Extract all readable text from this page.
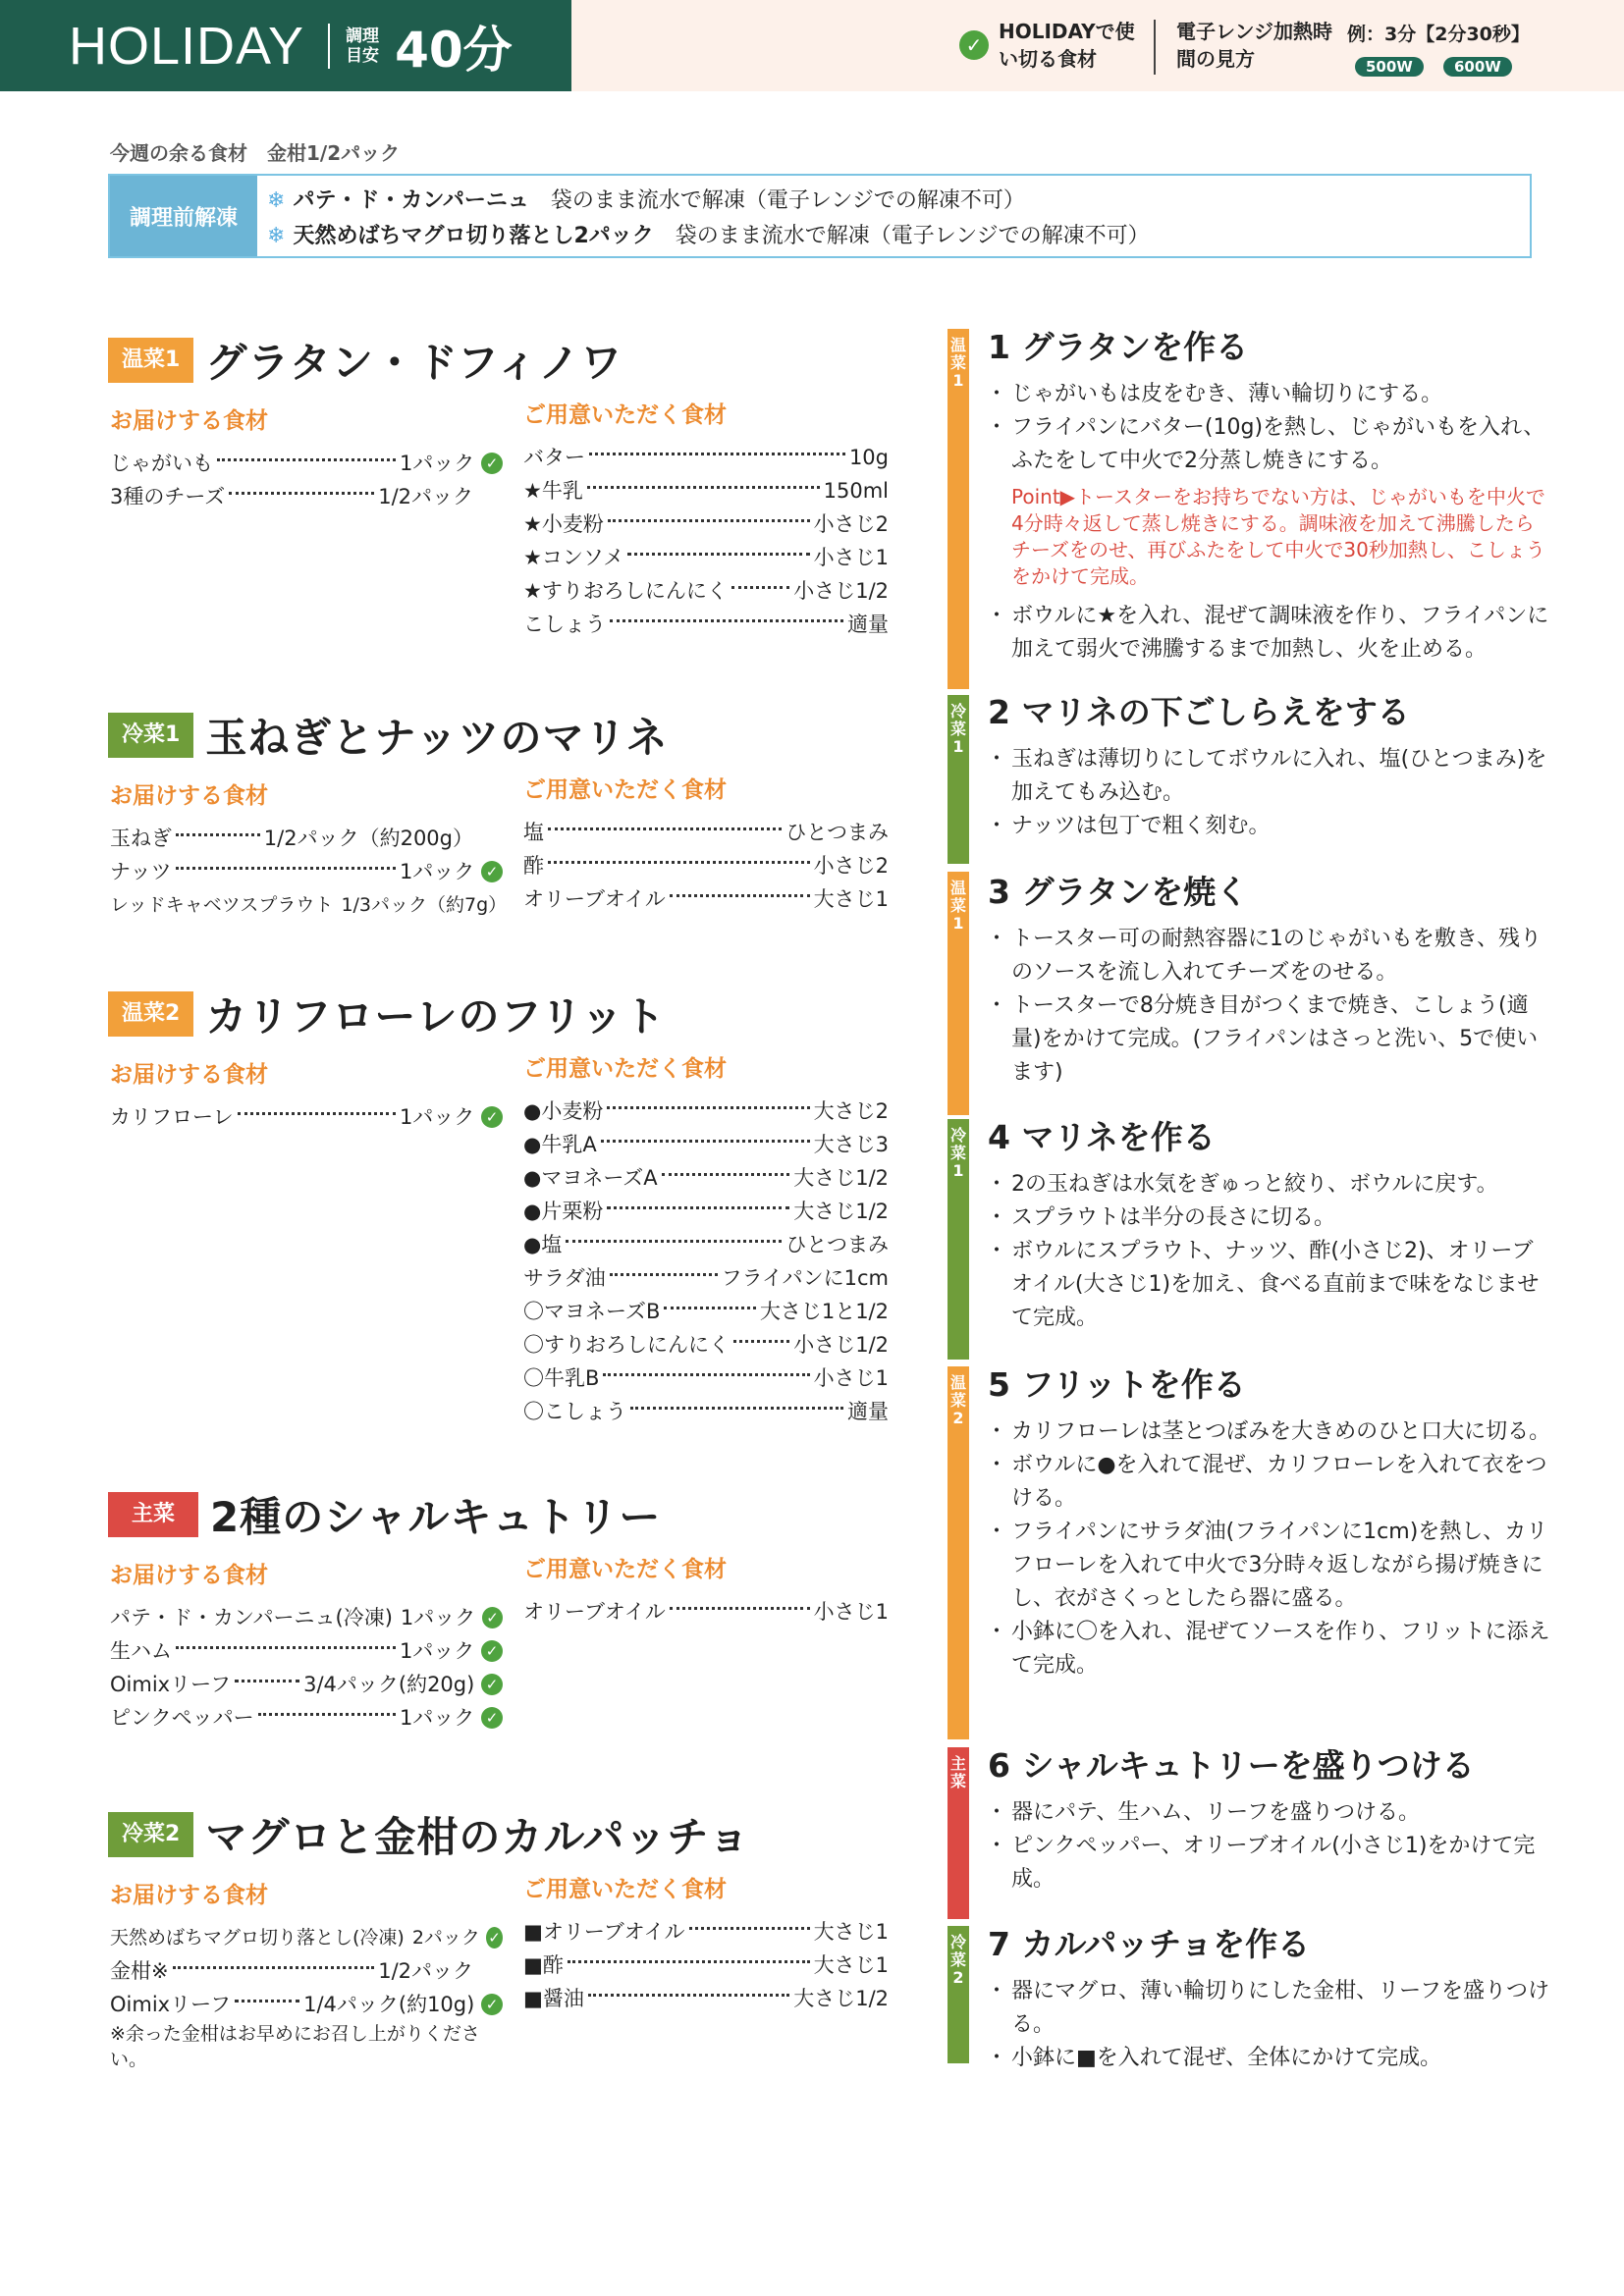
HOLIDAY 調理目安 40分	✓
HOLIDAYで使い切る食材
電子レンジ加熱時間の見方
例：3分【2分30秒】
500W	600W
今週の余る食材　金柑1/2パック
調理前解凍
❄ パテ・ド・カンパーニュ　 袋のまま流水で解凍（電子レンジでの解凍不可）
❄ 天然めばちマグロ切り落とし2パック　 袋のまま流水で解凍（電子レンジでの解凍不可）
温菜1 グラタン・ドフィノワ
お届けする食材
じゃがいも	1パック
✓
3種のチーズ	1/2パック
ご用意いただく食材
バター	10g
★牛乳	150ml
★小麦粉	小さじ2
★コンソメ	小さじ1
★すりおろしにんにく	小さじ1/2
こしょう	適量
冷菜1 玉ねぎとナッツのマリネ
お届けする食材
玉ねぎ	1/2パック（約200g）
ナッツ	1パック
✓
レッドキャベツスプラウト 1/3パック（約7g）
ご用意いただく食材
塩	ひとつまみ
酢	小さじ2
オリーブオイル	大さじ1
温菜2 カリフローレのフリット
お届けする食材
カリフローレ	1パック
✓
ご用意いただく食材
●小麦粉	大さじ2
●牛乳A	大さじ3
●マヨネーズA	大さじ1/2
●片栗粉	大さじ1/2
●塩	ひとつまみ
サラダ油	フライパンに1cm
〇マヨネーズB	大さじ1と1/2
〇すりおろしにんにく	小さじ1/2
〇牛乳B	小さじ1
〇こしょう	適量
主菜 2種のシャルキュトリー
お届けする食材
パテ・ド・カンパーニュ(冷凍) 1パック
✓
生ハム	1パック
✓
Oimixリーフ	3/4パック(約20g)
✓
ピンクペッパー	1パック
✓
ご用意いただく食材
オリーブオイル	小さじ1
冷菜2 マグロと金柑のカルパッチョ
お届けする食材
天然めばちマグロ切り落とし(冷凍) 2パック
✓
金柑※	1/2パック
Oimixリーフ	1/4パック(約10g)
✓
※余った金柑はお早めにお召し上がりください。
ご用意いただく食材
■オリーブオイル	大さじ1
■酢	大さじ1
■醤油	大さじ1/2
温菜1
冷菜1
温菜1
冷菜1
温菜2
主菜
冷菜2
1 グラタンを作る
・ じゃがいもは皮をむき、薄い輪切りにする。
・ フライパンにバター(10g)を熱し、じゃがいもを入れ、ふたをして中火で2分蒸し焼きにする。
Point▶トースターをお持ちでない方は、じゃがいもを中火で4分時々返して蒸し焼きにする。調味液を加えて沸騰したらチーズをのせ、再びふたをして中火で30秒加熱し、こしょうをかけて完成。
・ ボウルに★を入れ、混ぜて調味液を作り、フライパンに加えて弱火で沸騰するまで加熱し、火を止める。
2 マリネの下ごしらえをする
・ 玉ねぎは薄切りにしてボウルに入れ、塩(ひとつまみ)を加えてもみ込む。
・ ナッツは包丁で粗く刻む。
3 グラタンを焼く
・ トースター可の耐熱容器に1のじゃがいもを敷き、残りのソースを流し入れてチーズをのせる。
・ トースターで8分焼き目がつくまで焼き、こしょう(適量)をかけて完成。(フライパンはさっと洗い、5で使います)
4 マリネを作る
・ 2の玉ねぎは水気をぎゅっと絞り、ボウルに戻す。
・ スプラウトは半分の長さに切る。
・ ボウルにスプラウト、ナッツ、酢(小さじ2)、オリーブオイル(大さじ1)を加え、食べる直前まで味をなじませて完成。
5 フリットを作る
・ カリフローレは茎とつぼみを大きめのひと口大に切る。
・ ボウルに●を入れて混ぜ、カリフローレを入れて衣をつける。
・ フライパンにサラダ油(フライパンに1cm)を熱し、カリフローレを入れて中火で3分時々返しながら揚げ焼きにし、衣がさくっとしたら器に盛る。
・ 小鉢に〇を入れ、混ぜてソースを作り、フリットに添えて完成。
6 シャルキュトリーを盛りつける
・ 器にパテ、生ハム、リーフを盛りつける。
・ ピンクペッパー、オリーブオイル(小さじ1)をかけて完成。
7 カルパッチョを作る
・ 器にマグロ、薄い輪切りにした金柑、リーフを盛りつける。
・ 小鉢に■を入れて混ぜ、全体にかけて完成。
